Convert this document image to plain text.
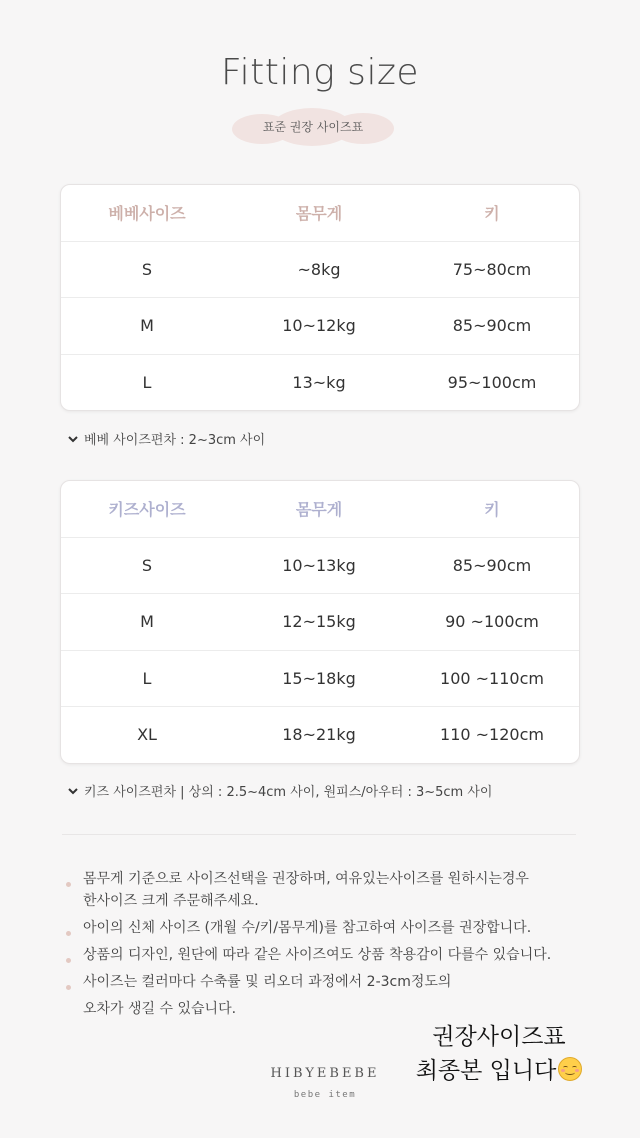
Fitting size
표준 권장 사이즈표
베베사이즈	몸무게	키
S	~8kg	75~80cm
M	10~12kg	85~90cm
L	13~kg	95~100cm
베베 사이즈편차 : 2~3cm 사이
키즈사이즈	몸무게	키
S	10~13kg	85~90cm
M	12~15kg	90 ~100cm
L	15~18kg	100 ~110cm
XL	18~21kg	110 ~120cm
키즈 사이즈편차 | 상의 : 2.5~4cm 사이, 원피스/아우터 : 3~5cm 사이
몸무게 기준으로 사이즈선택을 권장하며, 여유있는사이즈를 원하시는경우
한사이즈 크게 주문해주세요.
아이의 신체 사이즈 (개월 수/키/몸무게)를 참고하여 사이즈를 권장합니다.
상품의 디자인, 원단에 따라 같은 사이즈여도 상품 착용감이 다를수 있습니다.
사이즈는 컬러마다 수축률 및 리오더 과정에서 2-3cm정도의
오차가 생길 수 있습니다.
HIBYEBEBE
bebe item
권장사이즈표
최종본 입니다
